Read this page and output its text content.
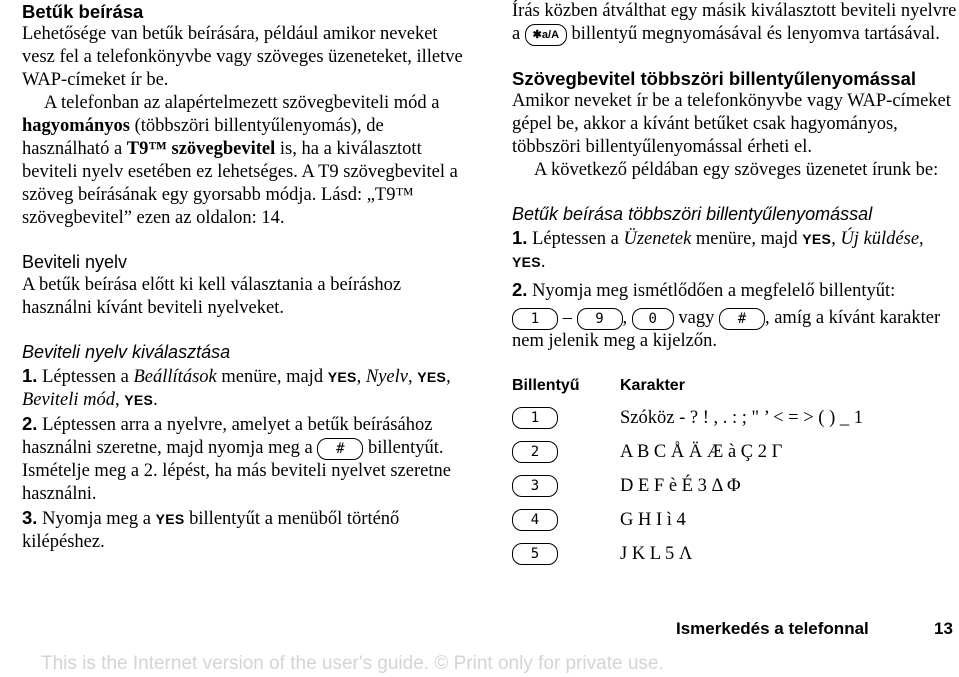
Betűk beírása

Lehetősége van betűk beírására, például amikor neveket vesz fel a telefonkönyvbe vagy szöveges üzeneteket, illetve WAP-címeket ír be.

A telefonban az alapértelmezett szövegbeviteli mód a hagyományos (többszöri billentyűlenyomás), de használható a T9™ szövegbevitel is, ha a kiválasztott beviteli nyelv esetében ez lehetséges. A T9 szövegbevitel a szöveg beírásának egy gyorsabb módja. Lásd: „T9™ szövegbevitel” ezen az oldalon: 14.

Beviteli nyelv

A betűk beírása előtt ki kell választania a beíráshoz használni kívánt beviteli nyelveket.

Beviteli nyelv kiválasztása
1. Léptessen a Beállítások menüre, majd YES, Nyelv, YES,
Beviteli mód, YES.
2. Léptessen arra a nyelvre, amelyet a betűk beírásához használni szeretne, majd nyomja meg a # billentyűt.
Ismételje meg a 2. lépést, ha más beviteli nyelvet szeretne használni.
3. Nyomja meg a YES billentyűt a menüből történő kilépéshez.

Írás közben átválthat egy másik kiválasztott beviteli nyelvre a ✱a/A billentyű megnyomásával és lenyomva tartásával.

Szövegbevitel többszöri billentyűlenyomással

Amikor neveket ír be a telefonkönyvbe vagy WAP-címeket gépel be, akkor a kívánt betűket csak hagyományos, többszöri billentyűlenyomással érheti el.

A következő példában egy szöveges üzenetet írunk be:

Betűk beírása többszöri billentyűlenyomással
1. Léptessen a Üzenetek menüre, majd YES, Új küldése,
YES.
2. Nyomja meg ismétlődően a megfelelő billentyűt:
1 – 9 , 0 vagy # , amíg a kívánt karakter nem jelenik meg a kijelzőn.
Billentyű	Karakter
1	Szóköz - ? ! , . : ; " ’ < = > ( ) _ 1
2	A B C Å Ä Æ à Ç 2 Γ
3	D E F è É 3 Δ Φ
4	G H I ì 4
5	J K L 5 Λ
Ismerkedés a telefonnal	13
This is the Internet version of the user's guide. © Print only for private use.
